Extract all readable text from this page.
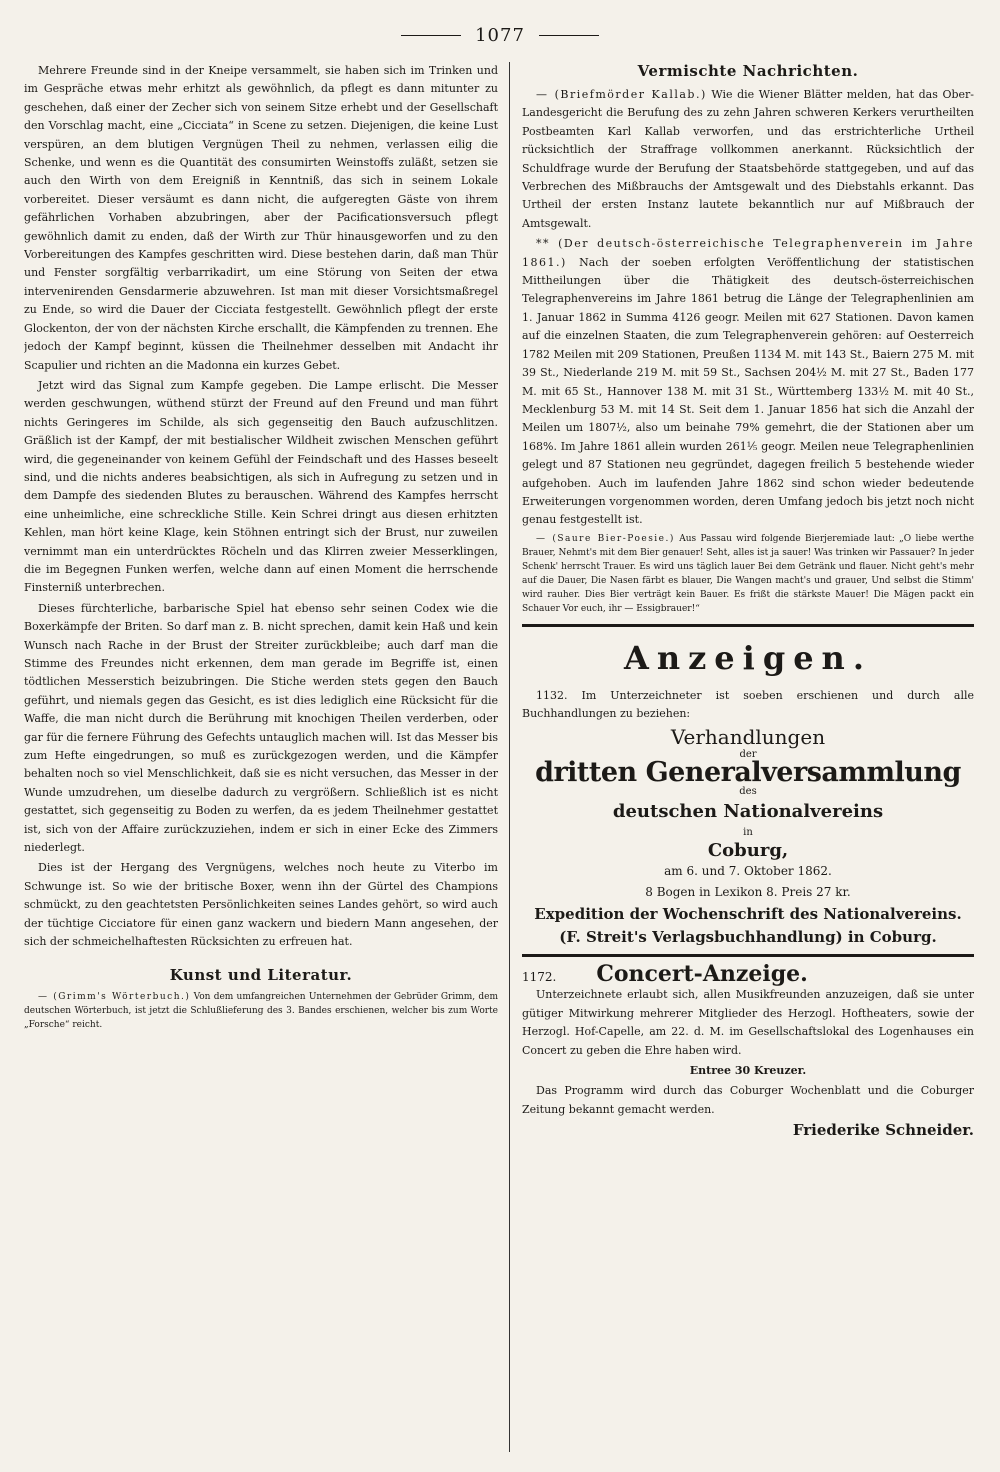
1077

Mehrere Freunde sind in der Kneipe versammelt, sie haben sich im Trinken und im Gespräche etwas mehr erhitzt als gewöhnlich, da pflegt es dann mitunter zu geschehen, daß einer der Zecher sich von seinem Sitze erhebt und der Gesellschaft den Vorschlag macht, eine „Cicciata“ in Scene zu setzen. Diejenigen, die keine Lust verspüren, an dem blutigen Vergnügen Theil zu nehmen, verlassen eilig die Schenke, und wenn es die Quantität des consumirten Weinstoffs zuläßt, setzen sie auch den Wirth von dem Ereigniß in Kenntniß, das sich in seinem Lokale vorbereitet. Dieser versäumt es dann nicht, die aufgeregten Gäste von ihrem gefährlichen Vorhaben abzubringen, aber der Pacificationsversuch pflegt gewöhnlich damit zu enden, daß der Wirth zur Thür hinausgeworfen und zu den Vorbereitungen des Kampfes geschritten wird. Diese bestehen darin, daß man Thür und Fenster sorgfältig verbarrikadirt, um eine Störung von Seiten der etwa intervenirenden Gensdarmerie abzuwehren. Ist man mit dieser Vorsichtsmaßregel zu Ende, so wird die Dauer der Cicciata festgestellt. Gewöhnlich pflegt der erste Glockenton, der von der nächsten Kirche erschallt, die Kämpfenden zu trennen. Ehe jedoch der Kampf beginnt, küssen die Theilnehmer desselben mit Andacht ihr Scapulier und richten an die Madonna ein kurzes Gebet.

Jetzt wird das Signal zum Kampfe gegeben. Die Lampe erlischt. Die Messer werden geschwungen, wüthend stürzt der Freund auf den Freund und man führt nichts Geringeres im Schilde, als sich gegenseitig den Bauch aufzuschlitzen. Gräßlich ist der Kampf, der mit bestialischer Wildheit zwischen Menschen geführt wird, die gegeneinander von keinem Gefühl der Feindschaft und des Hasses beseelt sind, und die nichts anderes beabsichtigen, als sich in Aufregung zu setzen und in dem Dampfe des siedenden Blutes zu berauschen. Während des Kampfes herrscht eine unheimliche, eine schreckliche Stille. Kein Schrei dringt aus diesen erhitzten Kehlen, man hört keine Klage, kein Stöhnen entringt sich der Brust, nur zuweilen vernimmt man ein unterdrücktes Röcheln und das Klirren zweier Messerklingen, die im Begegnen Funken werfen, welche dann auf einen Moment die herrschende Finsterniß unterbrechen.

Dieses fürchterliche, barbarische Spiel hat ebenso sehr seinen Codex wie die Boxerkämpfe der Briten. So darf man z. B. nicht sprechen, damit kein Haß und kein Wunsch nach Rache in der Brust der Streiter zurückbleibe; auch darf man die Stimme des Freundes nicht erkennen, dem man gerade im Begriffe ist, einen tödtlichen Messerstich beizubringen. Die Stiche werden stets gegen den Bauch geführt, und niemals gegen das Gesicht, es ist dies lediglich eine Rücksicht für die Waffe, die man nicht durch die Berührung mit knochigen Theilen verderben, oder gar für die fernere Führung des Gefechts untauglich machen will. Ist das Messer bis zum Hefte eingedrungen, so muß es zurückgezogen werden, und die Kämpfer behalten noch so viel Menschlichkeit, daß sie es nicht versuchen, das Messer in der Wunde umzudrehen, um dieselbe dadurch zu vergrößern. Schließlich ist es nicht gestattet, sich gegenseitig zu Boden zu werfen, da es jedem Theilnehmer gestattet ist, sich von der Affaire zurückzuziehen, indem er sich in einer Ecke des Zimmers niederlegt.

Dies ist der Hergang des Vergnügens, welches noch heute zu Viterbo im Schwunge ist. So wie der britische Boxer, wenn ihn der Gürtel des Champions schmückt, zu den geachtetsten Persönlichkeiten seines Landes gehört, so wird auch der tüchtige Cicciatore für einen ganz wackern und biedern Mann angesehen, der sich der schmeichelhaftesten Rücksichten zu erfreuen hat.

Kunst und Literatur.

— (Grimm's Wörterbuch.) Von dem umfangreichen Unternehmen der Gebrüder Grimm, dem deutschen Wörterbuch, ist jetzt die Schlußlieferung des 3. Bandes erschienen, welcher bis zum Worte „Forsche“ reicht.

Vermischte Nachrichten.

— (Briefmörder Kallab.) Wie die Wiener Blätter melden, hat das Ober-Landesgericht die Berufung des zu zehn Jahren schweren Kerkers verurtheilten Postbeamten Karl Kallab verworfen, und das erstrichterliche Urtheil rücksichtlich der Straffrage vollkommen anerkannt. Rücksichtlich der Schuldfrage wurde der Berufung der Staatsbehörde stattgegeben, und auf das Verbrechen des Mißbrauchs der Amtsgewalt und des Diebstahls erkannt. Das Urtheil der ersten Instanz lautete bekanntlich nur auf Mißbrauch der Amtsgewalt.

** (Der deutsch-österreichische Telegraphenverein im Jahre 1861.) Nach der soeben erfolgten Veröffentlichung der statistischen Mittheilungen über die Thätigkeit des deutsch-österreichischen Telegraphenvereins im Jahre 1861 betrug die Länge der Telegraphenlinien am 1. Januar 1862 in Summa 4126 geogr. Meilen mit 627 Stationen. Davon kamen auf die einzelnen Staaten, die zum Telegraphenverein gehören: auf Oesterreich 1782 Meilen mit 209 Stationen, Preußen 1134 M. mit 143 St., Baiern 275 M. mit 39 St., Niederlande 219 M. mit 59 St., Sachsen 204½ M. mit 27 St., Baden 177 M. mit 65 St., Hannover 138 M. mit 31 St., Württemberg 133½ M. mit 40 St., Mecklenburg 53 M. mit 14 St. Seit dem 1. Januar 1856 hat sich die Anzahl der Meilen um 1807½, also um beinahe 79% gemehrt, die der Stationen aber um 168%. Im Jahre 1861 allein wurden 261⅕ geogr. Meilen neue Telegraphenlinien gelegt und 87 Stationen neu gegründet, dagegen freilich 5 bestehende wieder aufgehoben. Auch im laufenden Jahre 1862 sind schon wieder bedeutende Erweiterungen vorgenommen worden, deren Umfang jedoch bis jetzt noch nicht genau festgestellt ist.

— (Saure Bier-Poesie.) Aus Passau wird folgende Bierjeremiade laut: „O liebe werthe Brauer, Nehmt's mit dem Bier genauer! Seht, alles ist ja sauer! Was trinken wir Passauer? In jeder Schenk' herrscht Trauer. Es wird uns täglich lauer Bei dem Getränk und flauer. Nicht geht's mehr auf die Dauer, Die Nasen färbt es blauer, Die Wangen macht's und grauer, Und selbst die Stimm' wird rauher. Dies Bier verträgt kein Bauer. Es frißt die stärkste Mauer! Die Mägen packt ein Schauer Vor euch, ihr — Essigbrauer!“

Anzeigen.

1132. Im Unterzeichneter ist soeben erschienen und durch alle Buchhandlungen zu beziehen:

Verhandlungen
der
dritten Generalversammlung
des
deutschen Nationalvereins
in
Coburg,
am 6. und 7. Oktober 1862.
8 Bogen in Lexikon 8. Preis 27 kr.
Expedition der Wochenschrift des Nationalvereins.
(F. Streit's Verlagsbuchhandlung) in Coburg.
1172. Concert-Anzeige.

Unterzeichnete erlaubt sich, allen Musikfreunden anzuzeigen, daß sie unter gütiger Mitwirkung mehrerer Mitglieder des Herzogl. Hoftheaters, sowie der Herzogl. Hof-Capelle, am 22. d. M. im Gesellschaftslokal des Logenhauses ein Concert zu geben die Ehre haben wird.

Entree 30 Kreuzer.

Das Programm wird durch das Coburger Wochenblatt und die Coburger Zeitung bekannt gemacht werden.

Friederike Schneider.
